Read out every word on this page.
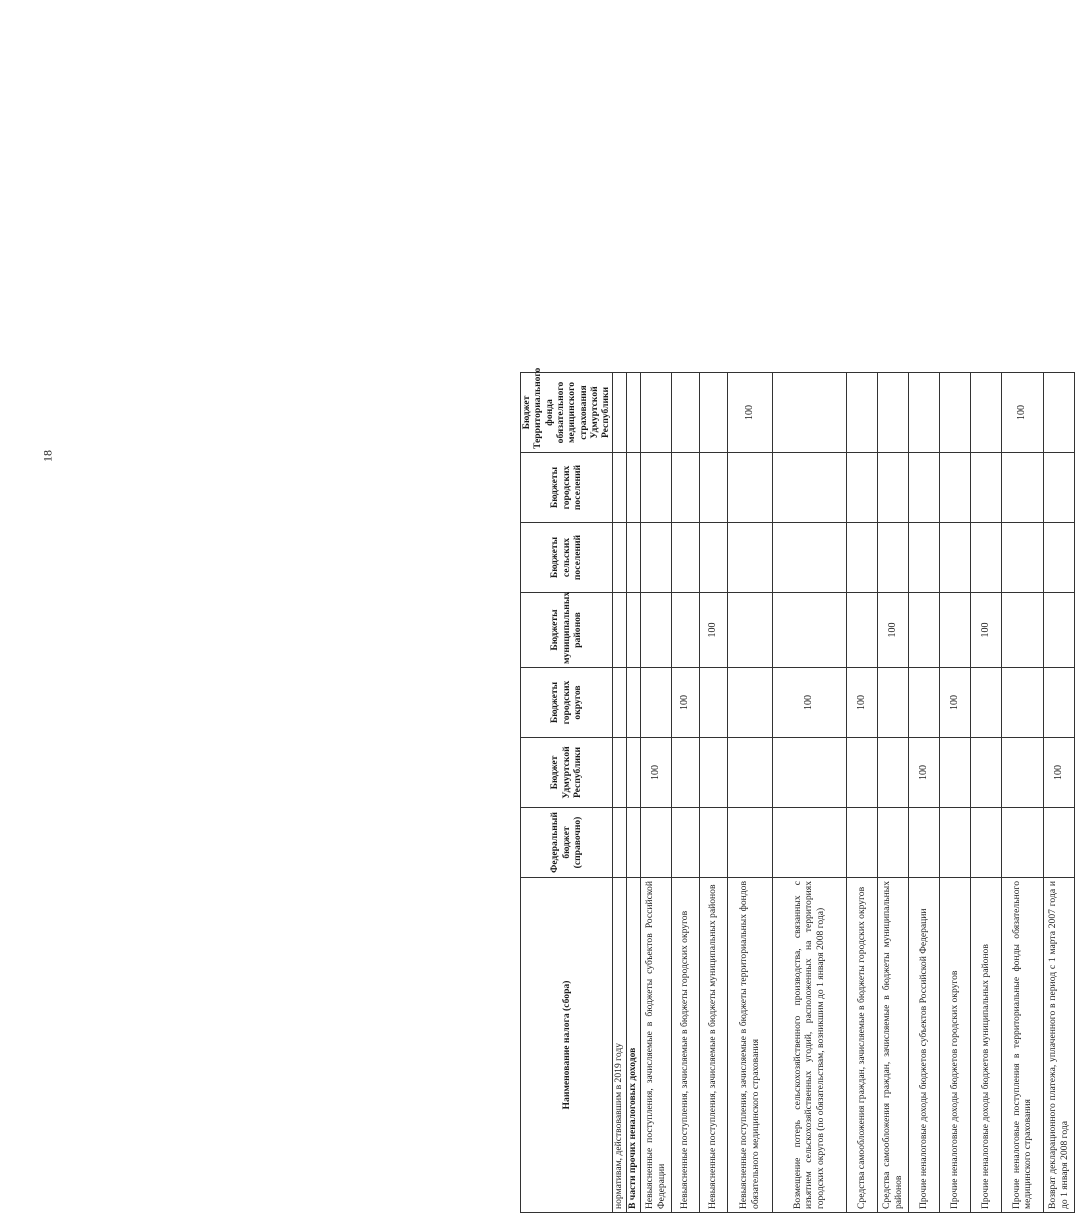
18
Наименование налога (сбора)	Федеральный бюджет (справочно)	Бюджет Удмуртской Республики	Бюджеты городских округов	Бюджеты муниципальных районов	Бюджеты сельских поселений	Бюджеты городских поселений	Бюджет Территориального фонда обязательного медицинского страхования Удмуртской Республики
нормативам, действовавшим в 2019 году							
В части прочих неналоговых доходов							
Невыясненные поступления, зачисляемые в бюджеты субъектов Российской Федерации		100					
Невыясненные поступления, зачисляемые в бюджеты городских округов			100				
Невыясненные поступления, зачисляемые в бюджеты муниципальных районов				100			
Невыясненные поступления, зачисляемые в бюджеты территориальных фондов обязательного медицинского страхования							100
Возмещение потерь сельскохозяйственного производства, связанных с изъятием сельскохозяйственных угодий, расположенных на территориях городских округов (по обязательствам, возникшим до 1 января 2008 года)			100				
Средства самообложения граждан, зачисляемые в бюджеты городских округов			100				
Средства самообложения граждан, зачисляемые в бюджеты муниципальных районов				100			
Прочие неналоговые доходы бюджетов субъектов Российской Федерации		100					
Прочие неналоговые доходы бюджетов городских округов			100				
Прочие неналоговые доходы бюджетов муниципальных районов				100			
Прочие неналоговые поступления в территориальные фонды обязательного медицинского страхования							100
Возврат декларационного платежа, уплаченного в период с 1 марта 2007 года и до 1 января 2008 года		100					
